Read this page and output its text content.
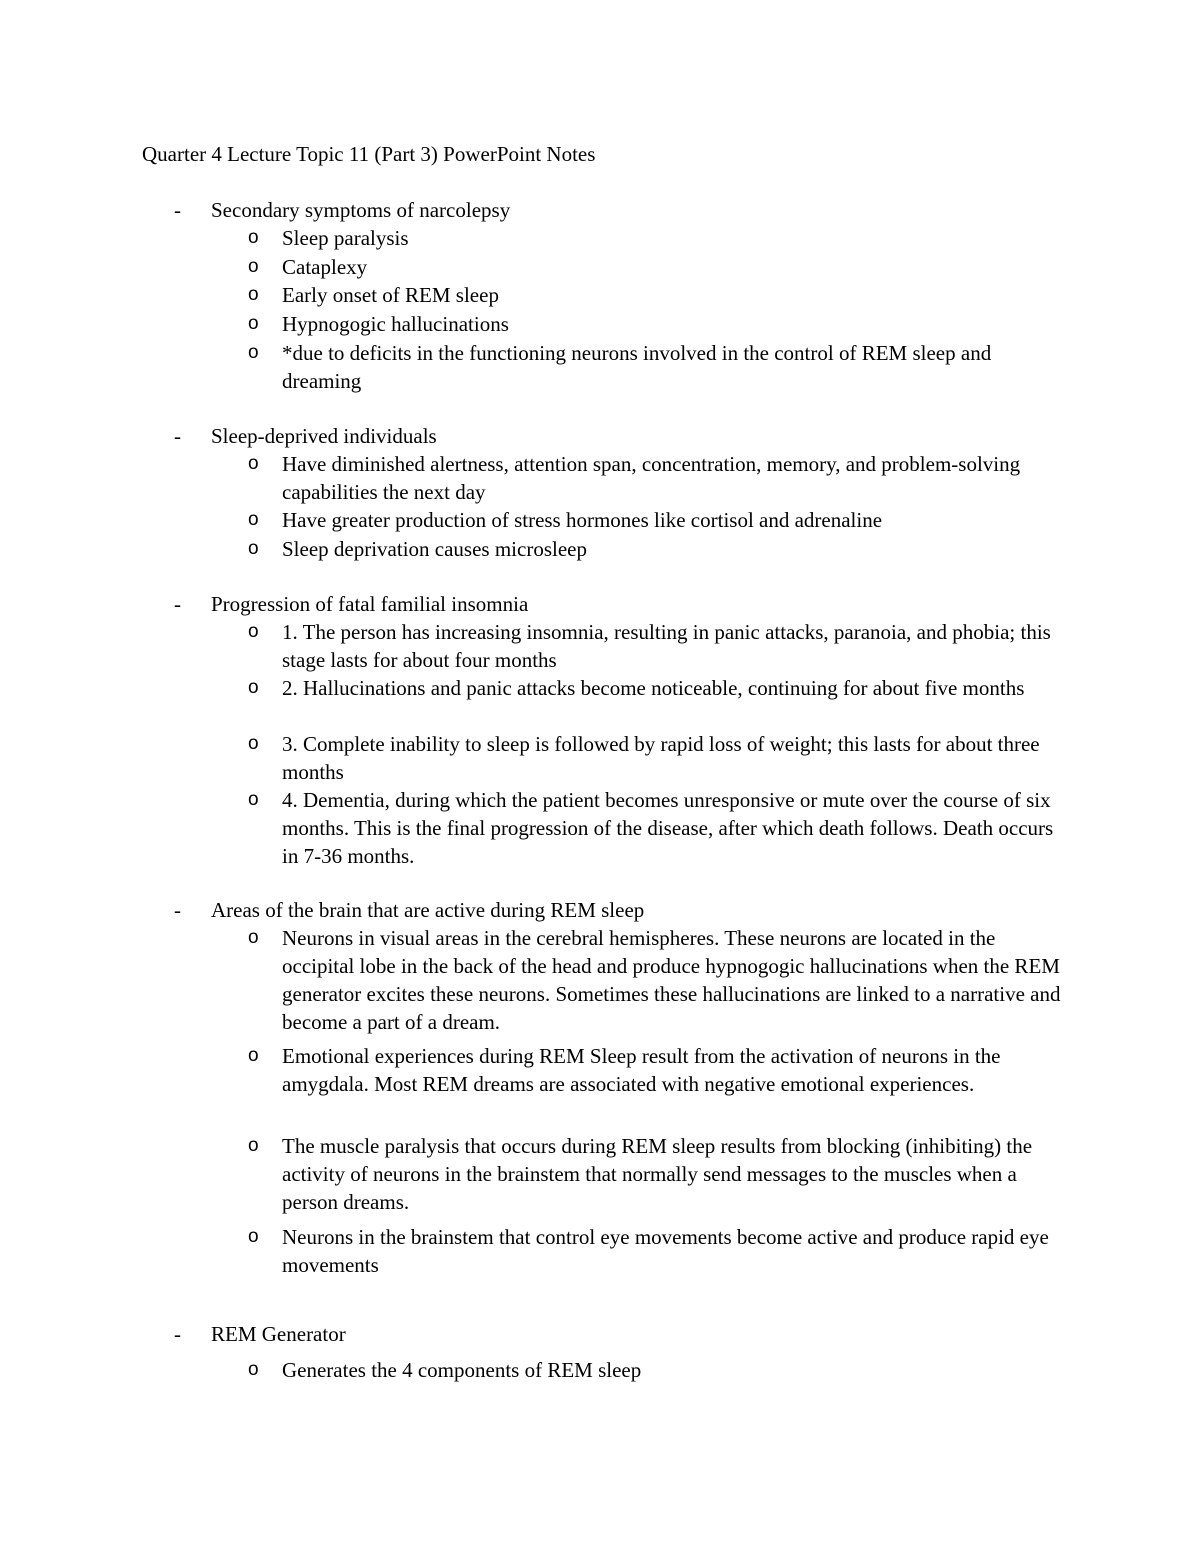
Quarter 4 Lecture Topic 11 (Part 3) PowerPoint Notes
-	Secondary symptoms of narcolepsy
o	Sleep paralysis
o	Cataplexy
o	Early onset of REM sleep
o	Hypnogogic hallucinations
o	*due to deficits in the functioning neurons involved in the control of REM sleep and dreaming
-	Sleep-deprived individuals
o	Have diminished alertness, attention span, concentration, memory, and problem-solving capabilities the next day
o	Have greater production of stress hormones like cortisol and adrenaline
o	Sleep deprivation causes microsleep
-	Progression of fatal familial insomnia
o	1. The person has increasing insomnia, resulting in panic attacks, paranoia, and phobia; this stage lasts for about four months
o	2. Hallucinations and panic attacks become noticeable, continuing for about five months
o	3. Complete inability to sleep is followed by rapid loss of weight; this lasts for about three months
o	4. Dementia, during which the patient becomes unresponsive or mute over the course of six months. This is the final progression of the disease, after which death follows. Death occurs in 7-36 months.
-	Areas of the brain that are active during REM sleep
o	Neurons in visual areas in the cerebral hemispheres. These neurons are located in the occipital lobe in the back of the head and produce hypnogogic hallucinations when the REM generator excites these neurons. Sometimes these hallucinations are linked to a narrative and become a part of a dream.
o	Emotional experiences during REM Sleep result from the activation of neurons in the amygdala. Most REM dreams are associated with negative emotional experiences.
o	The muscle paralysis that occurs during REM sleep results from blocking (inhibiting) the activity of neurons in the brainstem that normally send messages to the muscles when a person dreams.
o	Neurons in the brainstem that control eye movements become active and produce rapid eye movements
-	REM Generator
o	Generates the 4 components of REM sleep
